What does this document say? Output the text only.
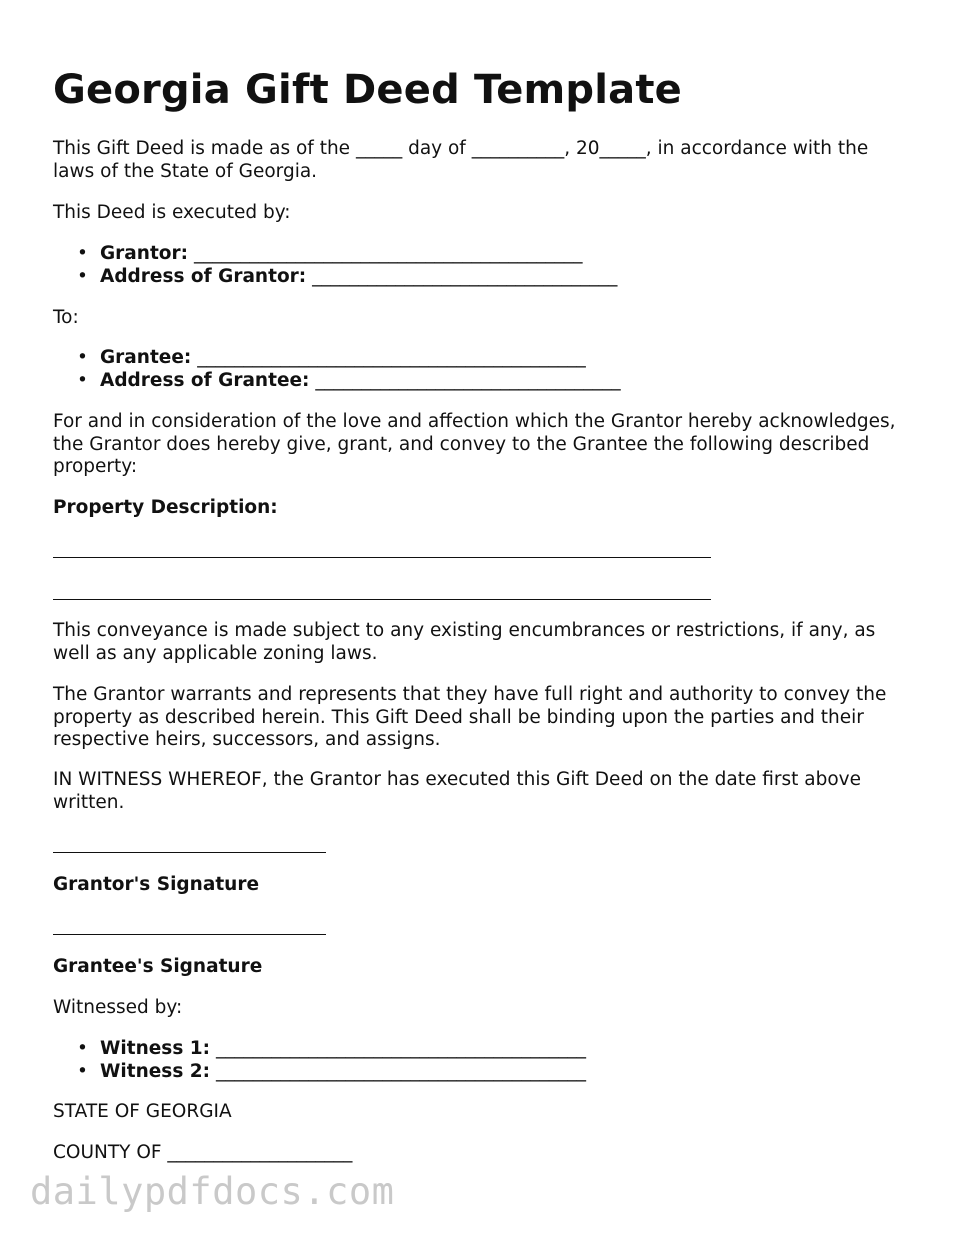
Georgia Gift Deed Template

This Gift Deed is made as of the _____ day of __________, 20_____, in accordance with the laws of the State of Georgia.

This Deed is executed by:

• Grantor: __________________________________________
• Address of Grantor: _________________________________

To:

• Grantee: __________________________________________
• Address of Grantee: _________________________________

For and in consideration of the love and affection which the Grantor hereby acknowledges, the Grantor does hereby give, grant, and convey to the Grantee the following described property:

Property Description:

This conveyance is made subject to any existing encumbrances or restrictions, if any, as well as any applicable zoning laws.

The Grantor warrants and represents that they have full right and authority to convey the property as described herein. This Gift Deed shall be binding upon the parties and their respective heirs, successors, and assigns.

IN WITNESS WHEREOF, the Grantor has executed this Gift Deed on the date first above written.

Grantor's Signature

Grantee's Signature

Witnessed by:

• Witness 1: ________________________________________
• Witness 2: ________________________________________

STATE OF GEORGIA

COUNTY OF ____________________

dailypdfdocs.com
